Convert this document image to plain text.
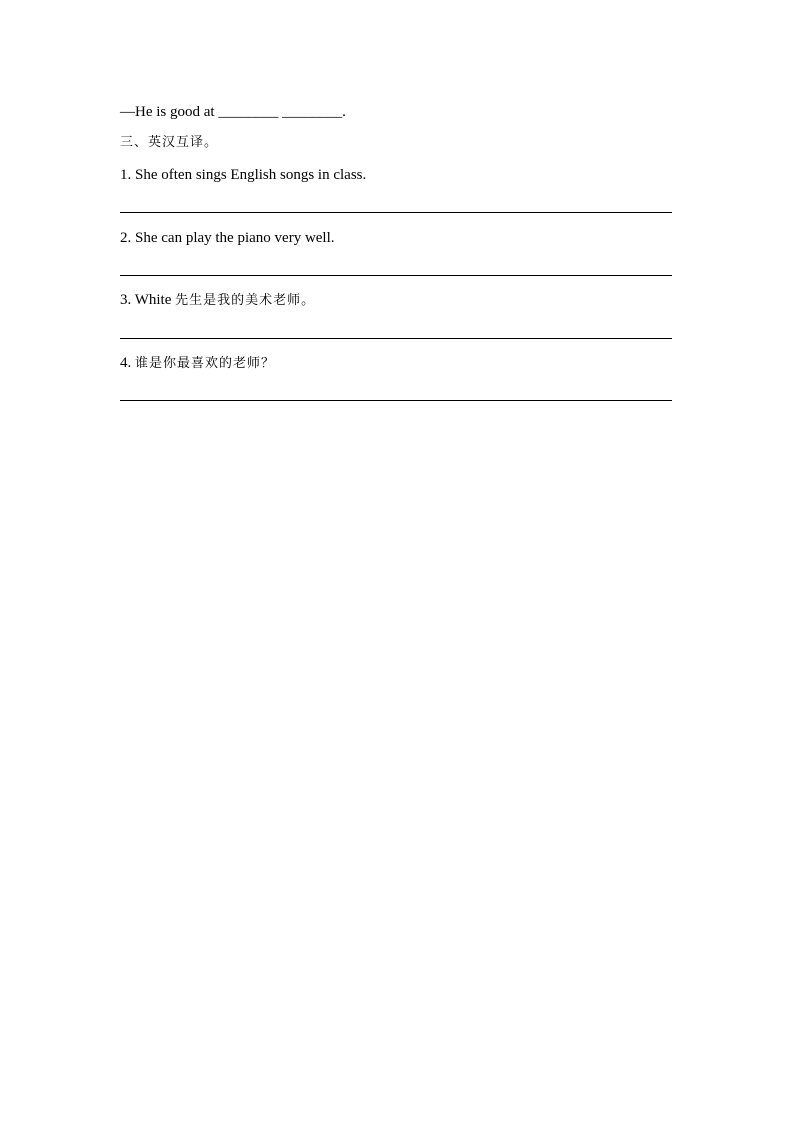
—He is good at ________ ________.
三、英汉互译。
1. She often sings English songs in class.
2. She can play the piano very well.
3. White 先生是我的美术老师。
4. 谁是你最喜欢的老师？
